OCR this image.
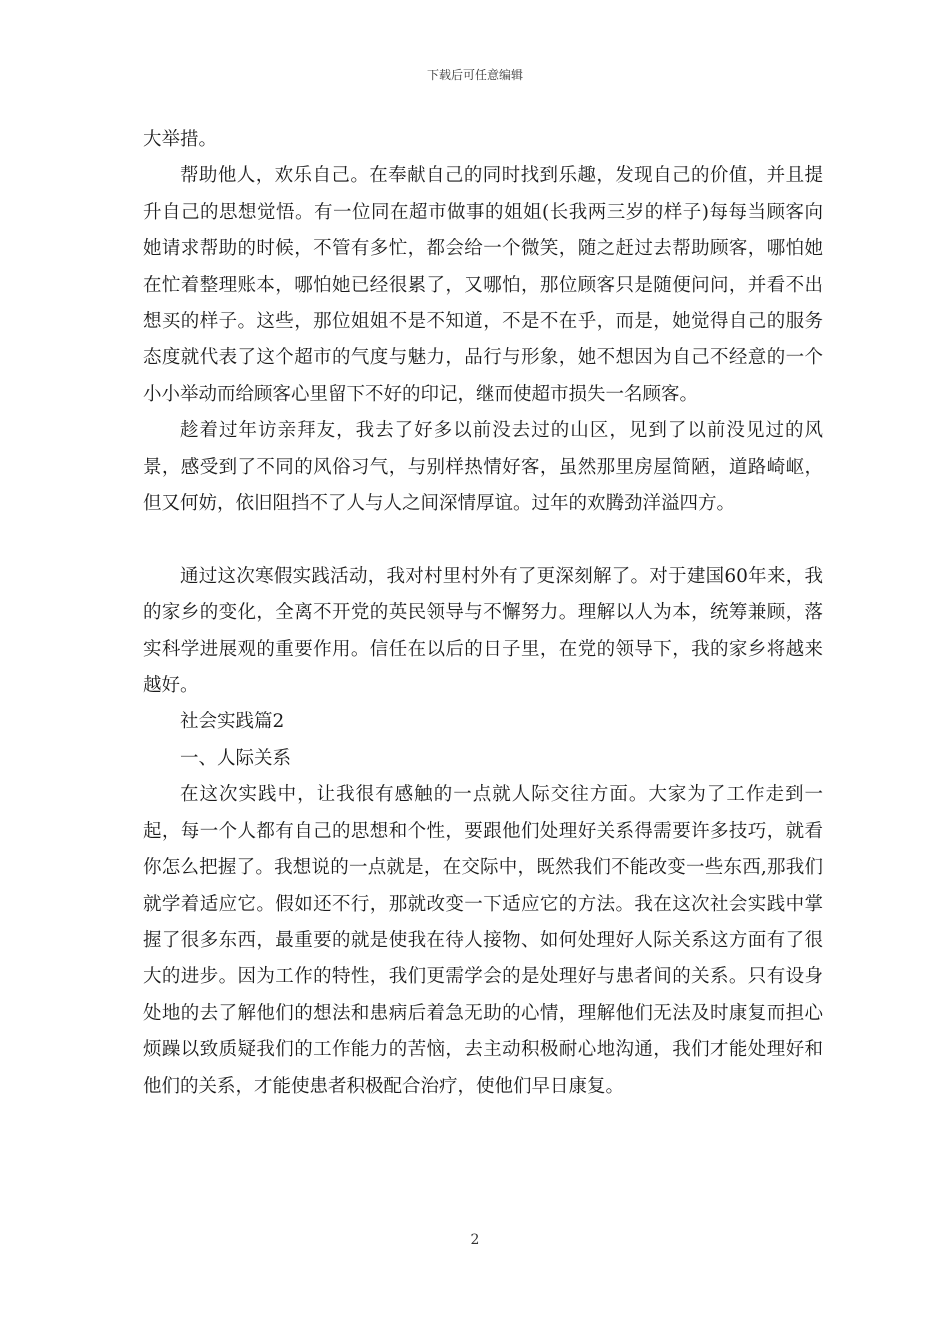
下载后可任意编辑

大举措。

帮助他人，欢乐自己。在奉献自己的同时找到乐趣，发现自己的价值，并且提升自己的思想觉悟。有一位同在超市做事的姐姐(长我两三岁的样子)每每当顾客向她请求帮助的时候，不管有多忙，都会给一个微笑，随之赶过去帮助顾客，哪怕她在忙着整理账本，哪怕她已经很累了，又哪怕，那位顾客只是随便问问，并看不出想买的样子。这些，那位姐姐不是不知道，不是不在乎，而是，她觉得自己的服务态度就代表了这个超市的气度与魅力，品行与形象，她不想因为自己不经意的一个小小举动而给顾客心里留下不好的印记，继而使超市损失一名顾客。

趁着过年访亲拜友，我去了好多以前没去过的山区，见到了以前没见过的风景，感受到了不同的风俗习气，与别样热情好客，虽然那里房屋简陋，道路崎岖，但又何妨，依旧阻挡不了人与人之间深情厚谊。过年的欢腾劲洋溢四方。

通过这次寒假实践活动，我对村里村外有了更深刻解了。对于建国60年来，我的家乡的变化，全离不开党的英民领导与不懈努力。理解以人为本，统筹兼顾，落实科学进展观的重要作用。信任在以后的日子里，在党的领导下，我的家乡将越来越好。

社会实践篇2

一、人际关系

在这次实践中，让我很有感触的一点就人际交往方面。大家为了工作走到一起，每一个人都有自己的思想和个性，要跟他们处理好关系得需要许多技巧，就看你怎么把握了。我想说的一点就是，在交际中，既然我们不能改变一些东西,那我们就学着适应它。假如还不行，那就改变一下适应它的方法。我在这次社会实践中掌握了很多东西，最重要的就是使我在待人接物、如何处理好人际关系这方面有了很大的进步。因为工作的特性，我们更需学会的是处理好与患者间的关系。只有设身处地的去了解他们的想法和患病后着急无助的心情，理解他们无法及时康复而担心烦躁以致质疑我们的工作能力的苦恼，去主动积极耐心地沟通，我们才能处理好和他们的关系，才能使患者积极配合治疗，使他们早日康复。

2
